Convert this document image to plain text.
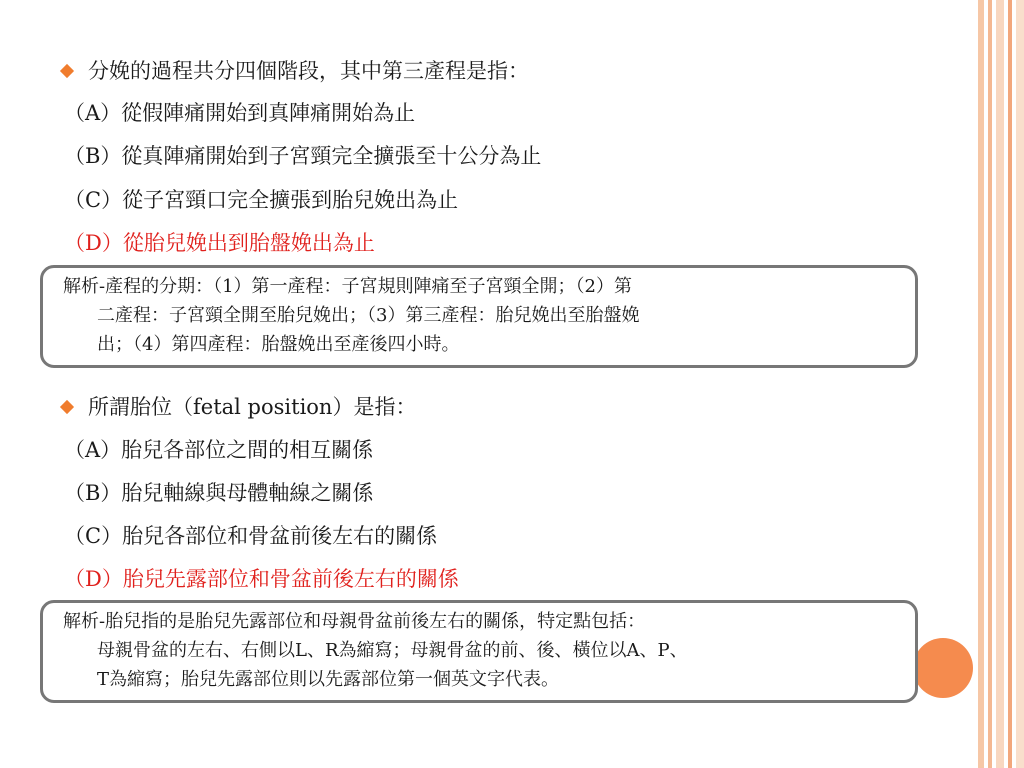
分娩的過程共分四個階段，其中第三產程是指：
（A）從假陣痛開始到真陣痛開始為止
（B）從真陣痛開始到子宮頸完全擴張至十公分為止
（C）從子宮頸口完全擴張到胎兒娩出為止
（D）從胎兒娩出到胎盤娩出為止

解析-產程的分期：（1）第一產程：子宮規則陣痛至子宮頸全開；（2）第

二產程：子宮頸全開至胎兒娩出；（3）第三產程：胎兒娩出至胎盤娩

出；（4）第四產程：胎盤娩出至產後四小時。

所謂胎位（fetal position）是指：
（A）胎兒各部位之間的相互關係
（B）胎兒軸線與母體軸線之關係
（C）胎兒各部位和骨盆前後左右的關係
（D）胎兒先露部位和骨盆前後左右的關係

解析-胎兒指的是胎兒先露部位和母親骨盆前後左右的關係，特定點包括：

母親骨盆的左右、右側以L、R為縮寫；母親骨盆的前、後、橫位以A、P、

T為縮寫；胎兒先露部位則以先露部位第一個英文字代表。
